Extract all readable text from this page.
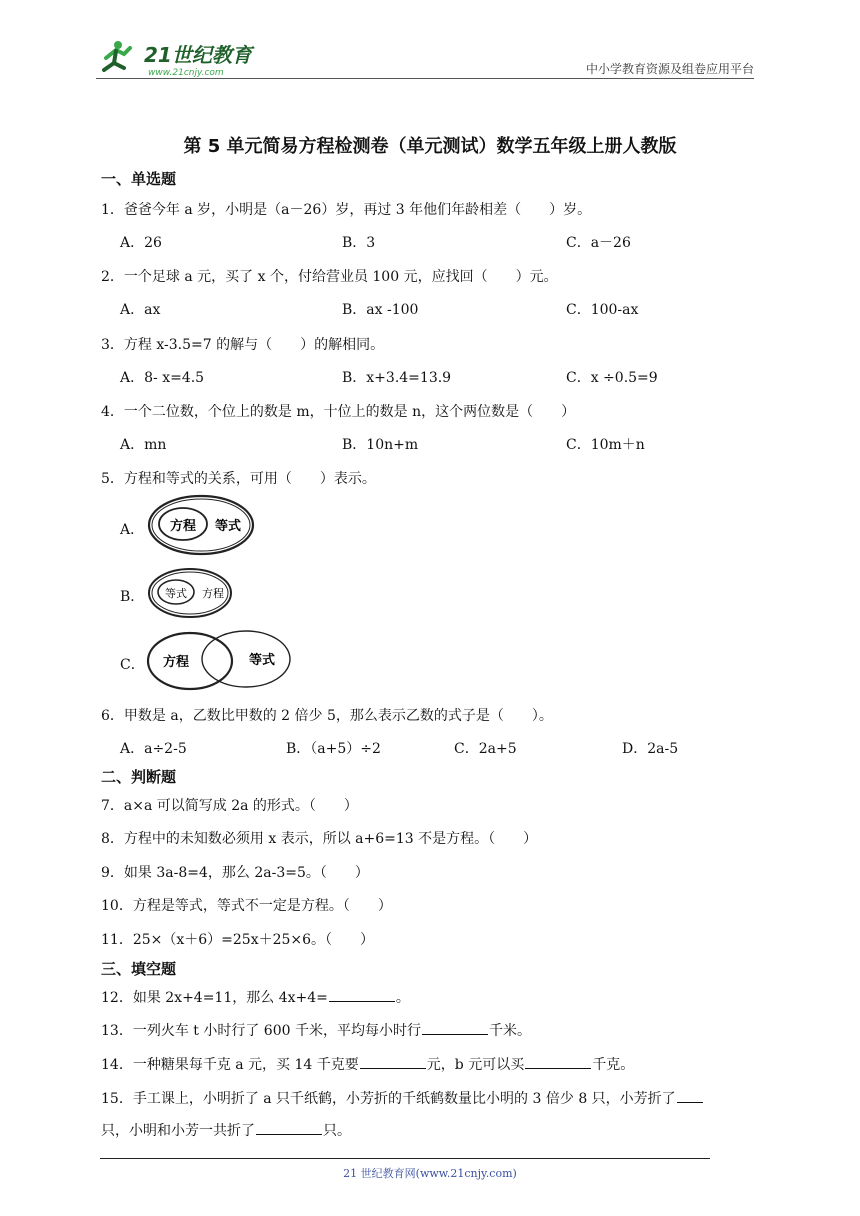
21世纪教育
www.21cnjy.com	中小学教育资源及组卷应用平台
第 5 单元简易方程检测卷（单元测试）数学五年级上册人教版
一、单选题
1．爸爸今年 a 岁，小明是（a－26）岁，再过 3 年他们年龄相差（　　）岁。
A．26	B．3	C．a－26
2．一个足球 a 元，买了 x 个，付给营业员 100 元，应找回（　　）元。
A．ax	B．ax -100	C．100-ax
3．方程 x-3.5=7 的解与（　　）的解相同。
A．8- x=4.5	B．x+3.4=13.9	C．x ÷0.5=9
4．一个二位数，个位上的数是 m，十位上的数是 n，这个两位数是（　　）
A．mn	B．10n+m	C．10m＋n
5．方程和等式的关系，可用（　　）表示。
A． 方程 等式
B． 等式 方程
C． 方程	等式
6．甲数是 a，乙数比甲数的 2 倍少 5，那么表示乙数的式子是（　　）。
A．a÷2-5	B．（a+5）÷2	C．2a+5	D．2a-5
二、判断题
7．a×a 可以简写成 2a 的形式。（　　）
8．方程中的未知数必须用 x 表示，所以 a+6=13 不是方程。（　　）
9．如果 3a-8=4，那么 2a-3=5。（　　）
10．方程是等式，等式不一定是方程。（　　）
11．25×（x＋6）=25x＋25×6。（　　）
三、填空题
12．如果 2x+4=11，那么 4x+4=	。
13．一列火车 t 小时行了 600 千米，平均每小时行	千米。
14．一种糖果每千克 a 元，买 14 千克要	元，b 元可以买	千克。
15．手工课上，小明折了 a 只千纸鹤，小芳折的千纸鹤数量比小明的 3 倍少 8 只，小芳折了
只，小明和小芳一共折了	只。
21 世纪教育网(www.21cnjy.com)
